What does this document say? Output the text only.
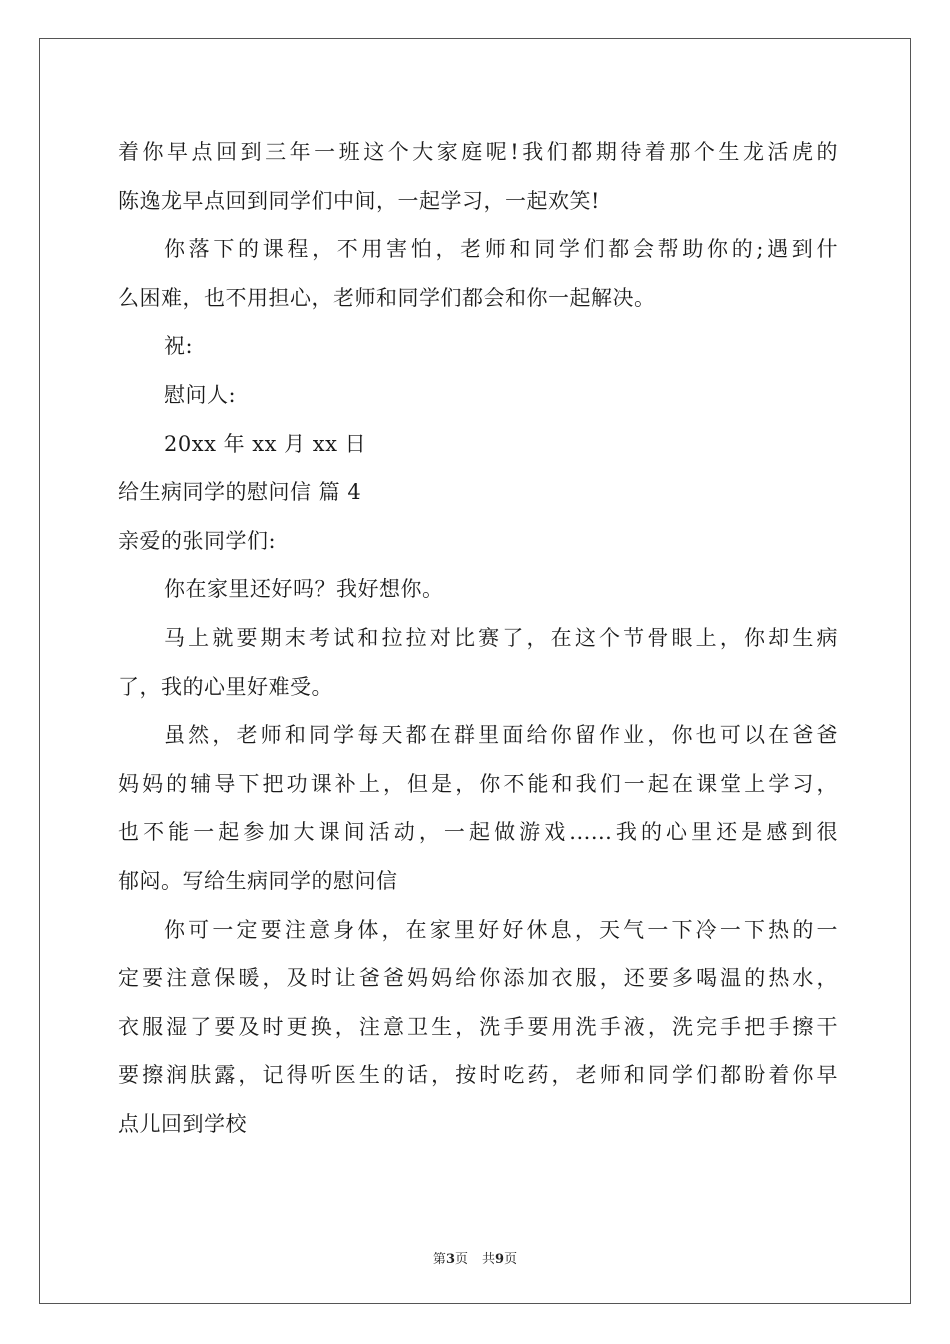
着你早点回到三年一班这个大家庭呢!我们都期待着那个生龙活虎的
陈逸龙早点回到同学们中间，一起学习，一起欢笑!
你落下的课程，不用害怕，老师和同学们都会帮助你的;遇到什
么困难，也不用担心，老师和同学们都会和你一起解决。
祝:
慰问人:
20xx 年 xx 月 xx 日
给生病同学的慰问信 篇 4
亲爱的张同学们:
你在家里还好吗？我好想你。
马上就要期末考试和拉拉对比赛了，在这个节骨眼上，你却生病
了，我的心里好难受。
虽然，老师和同学每天都在群里面给你留作业，你也可以在爸爸
妈妈的辅导下把功课补上，但是，你不能和我们一起在课堂上学习，
也不能一起参加大课间活动，一起做游戏......我的心里还是感到很
郁闷。写给生病同学的慰问信
你可一定要注意身体，在家里好好休息，天气一下冷一下热的一
定要注意保暖，及时让爸爸妈妈给你添加衣服，还要多喝温的热水，
衣服湿了要及时更换，注意卫生，洗手要用洗手液，洗完手把手擦干
要擦润肤露，记得听医生的话，按时吃药，老师和同学们都盼着你早
点儿回到学校
第3页 共9页
